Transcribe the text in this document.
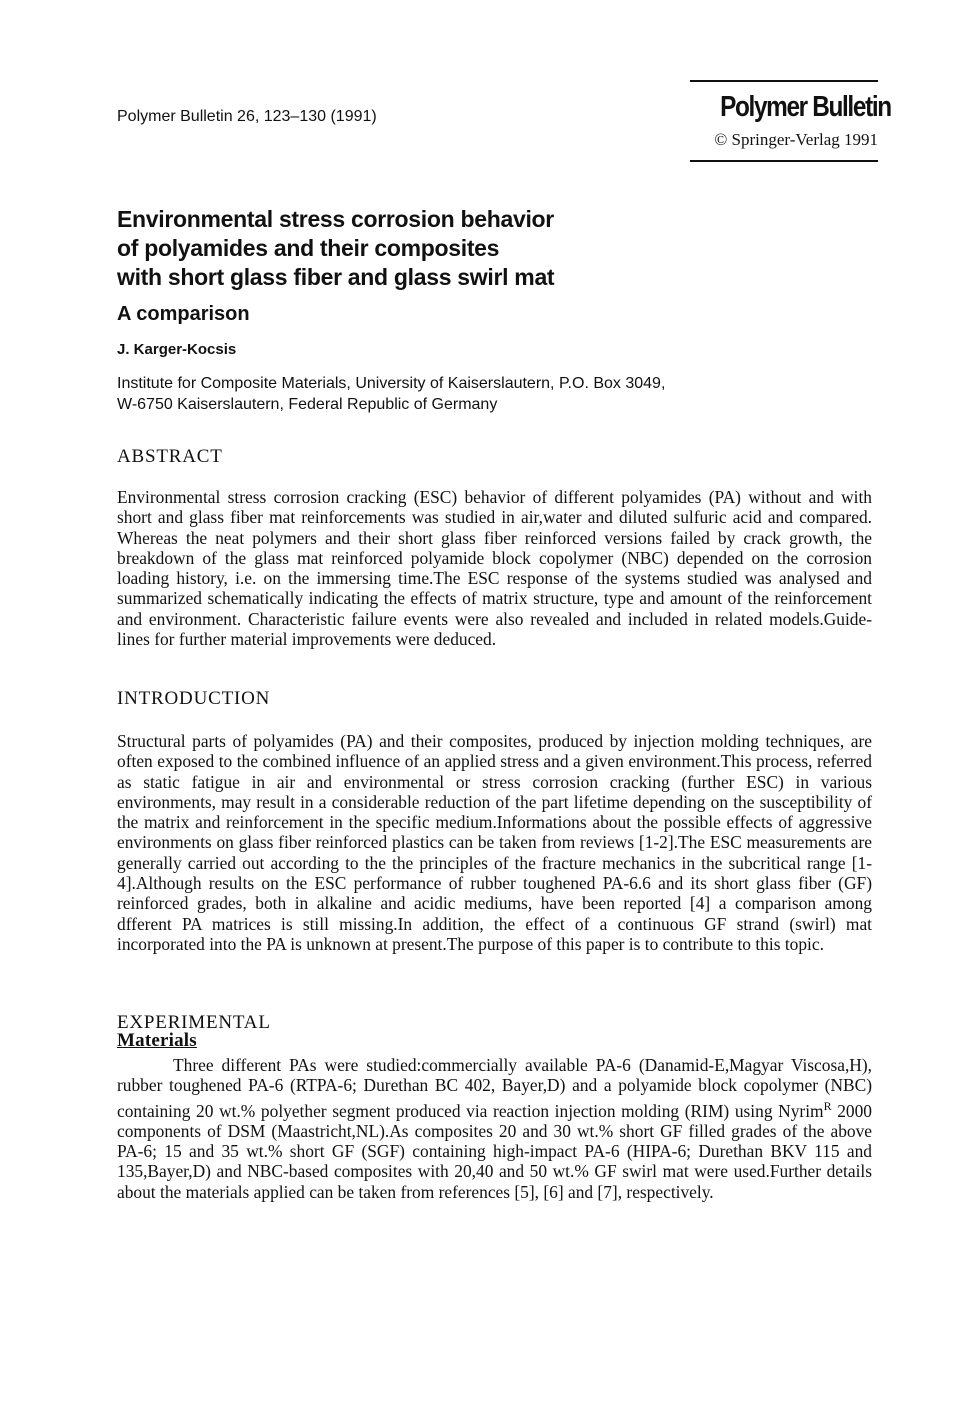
Polymer Bulletin 26, 123–130 (1991)	Polymer Bulletin
© Springer-Verlag 1991
Environmental stress corrosion behavior
of polyamides and their composites
with short glass fiber and glass swirl mat
A comparison
J. Karger-Kocsis
Institute for Composite Materials, University of Kaiserslautern, P.O. Box 3049,
W-6750 Kaiserslautern, Federal Republic of Germany
ABSTRACT

Environmental stress corrosion cracking (ESC) behavior of different polyamides (PA) without and with short and glass fiber mat reinforcements was studied in air,water and diluted sulfuric acid and compared. Whereas the neat polymers and their short glass fiber reinforced versions failed by crack growth, the breakdown of the glass mat reinforced polyamide block copolymer (NBC) depended on the corrosion loading history, i.e. on the immersing time.The ESC response of the systems studied was analysed and summarized schematically indicating the effects of matrix structure, type and amount of the reinforcement and environment. Characteristic failure events were also revealed and included in related models.Guide-lines for further material improvements were deduced.

INTRODUCTION

Structural parts of polyamides (PA) and their composites, produced by injection molding techniques, are often exposed to the combined influence of an applied stress and a given environment.This process, referred as static fatigue in air and environmental or stress corrosion cracking (further ESC) in various environments, may result in a considerable reduction of the part lifetime depending on the susceptibility of the matrix and reinforcement in the specific medium.Informations about the possible effects of aggressive environments on glass fiber reinforced plastics can be taken from reviews [1-2].The ESC measurements are generally carried out according to the the principles of the fracture mechanics in the subcritical range [1-4].Although results on the ESC performance of rubber toughened PA-6.6 and its short glass fiber (GF) reinforced grades, both in alkaline and acidic mediums, have been reported [4] a comparison among dfferent PA matrices is still missing.In addition, the effect of a continuous GF strand (swirl) mat incorporated into the PA is unknown at present.The purpose of this paper is to contribute to this topic.

EXPERIMENTAL
Materials

Three different PAs were studied:commercially available PA-6 (Danamid-E,Magyar Viscosa,H), rubber toughened PA-6 (RTPA-6; Durethan BC 402, Bayer,D) and a polyamide block copolymer (NBC) containing 20 wt.% polyether segment produced via reaction injection molding (RIM) using Nyrim$^R$ 2000 components of DSM (Maastricht,NL).As composites 20 and 30 wt.% short GF filled grades of the above PA-6; 15 and 35 wt.% short GF (SGF) containing high-impact PA-6 (HIPA-6; Durethan BKV 115 and 135,Bayer,D) and NBC-based composites with 20,40 and 50 wt.% GF swirl mat were used.Further details about the materials applied can be taken from references [5], [6] and [7], respectively.
